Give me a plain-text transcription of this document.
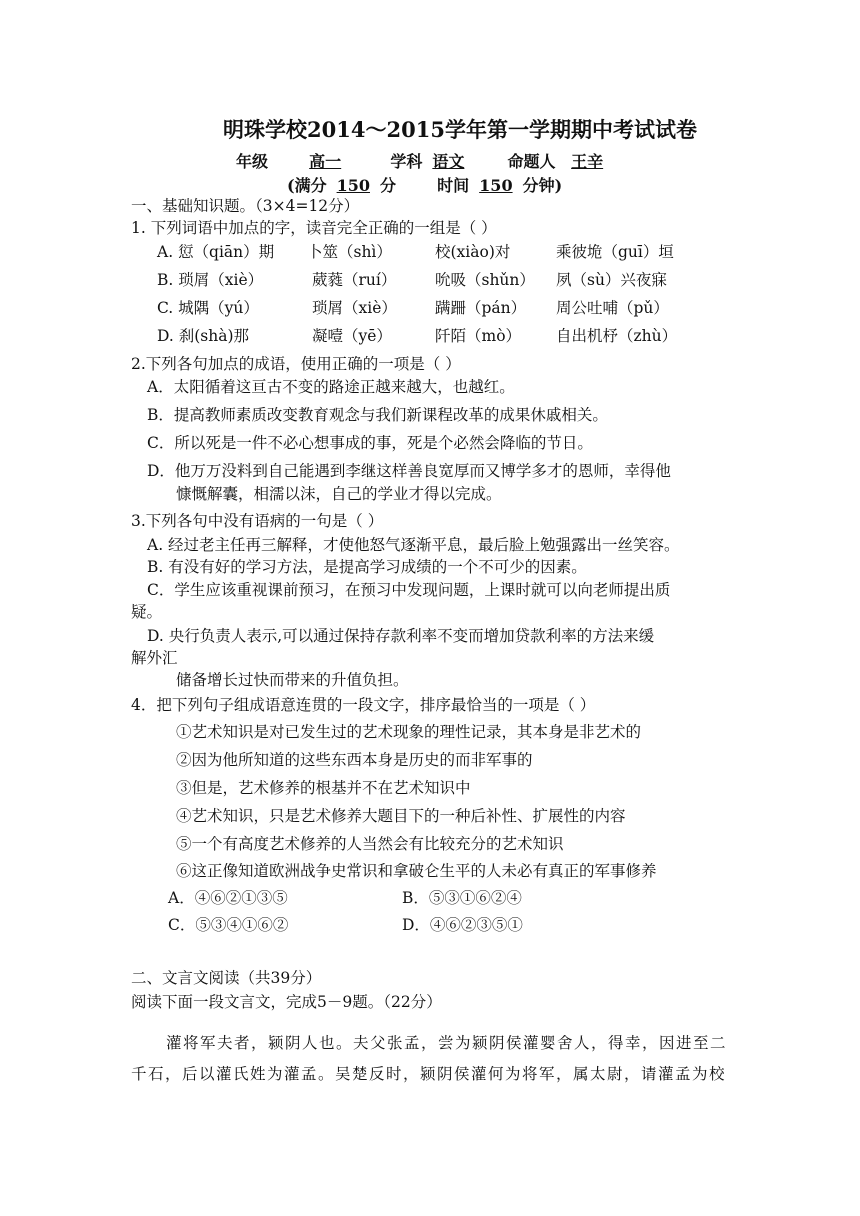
明珠学校2014～2015学年第一学期期中考试试卷
年级	高一	学科 语文	命题人 王辛
(满分 150 分	时间 150 分钟)
一、基础知识题。（3×4=12分）
1. 下列词语中加点的字，读音完全正确的一组是（ ）
A. 愆（qiān）期 卜筮（shì）	校(xiào)对	乘彼垝（guī）垣
B. 琐屑（xiè）	葳蕤（ruí） 吮吸（shǔn） 夙（sù）兴夜寐
C. 城隅（yú）	琐屑（xiè） 蹒跚（pán） 周公吐哺（pǔ）
D. 刹(shà)那	凝噎（yē）	阡陌（mò） 自出机杼（zhù）
2.下列各句加点的成语，使用正确的一项是（ ）
A．太阳循着这亘古不变的路途正越来越大，也越红。
B．提高教师素质改变教育观念与我们新课程改革的成果休戚相关。
C．所以死是一件不必心想事成的事，死是个必然会降临的节日。
D．他万万没料到自己能遇到李继这样善良宽厚而又博学多才的恩师，幸得他
慷慨解囊，相濡以沫，自己的学业才得以完成。
3.下列各句中没有语病的一句是（ ）
A. 经过老主任再三解释，才使他怒气逐渐平息，最后脸上勉强露出一丝笑容。
B. 有没有好的学习方法，是提高学习成绩的一个不可少的因素。
C．学生应该重视课前预习，在预习中发现问题，上课时就可以向老师提出质
疑。
D. 央行负责人表示,可以通过保持存款利率不变而增加贷款利率的方法来缓
解外汇
储备增长过快而带来的升值负担。
4．把下列句子组成语意连贯的一段文字，排序最恰当的一项是（ ）
①艺术知识是对已发生过的艺术现象的理性记录，其本身是非艺术的
②因为他所知道的这些东西本身是历史的而非军事的
③但是，艺术修养的根基并不在艺术知识中
④艺术知识，只是艺术修养大题目下的一种后补性、扩展性的内容
⑤一个有高度艺术修养的人当然会有比较充分的艺术知识
⑥这正像知道欧洲战争史常识和拿破仑生平的人未必有真正的军事修养
A．④⑥②①③⑤	B．⑤③①⑥②④
C．⑤③④①⑥②	D．④⑥②③⑤①
二、文言文阅读（共39分）
阅读下面一段文言文，完成5－9题。（22分）
灌将军夫者，颍阴人也。夫父张孟，尝为颍阴侯灌婴舍人，得幸，因进至二
千石，后以灌氏姓为灌孟。吴楚反时，颍阴侯灌何为将军，属太尉，请灌孟为校
